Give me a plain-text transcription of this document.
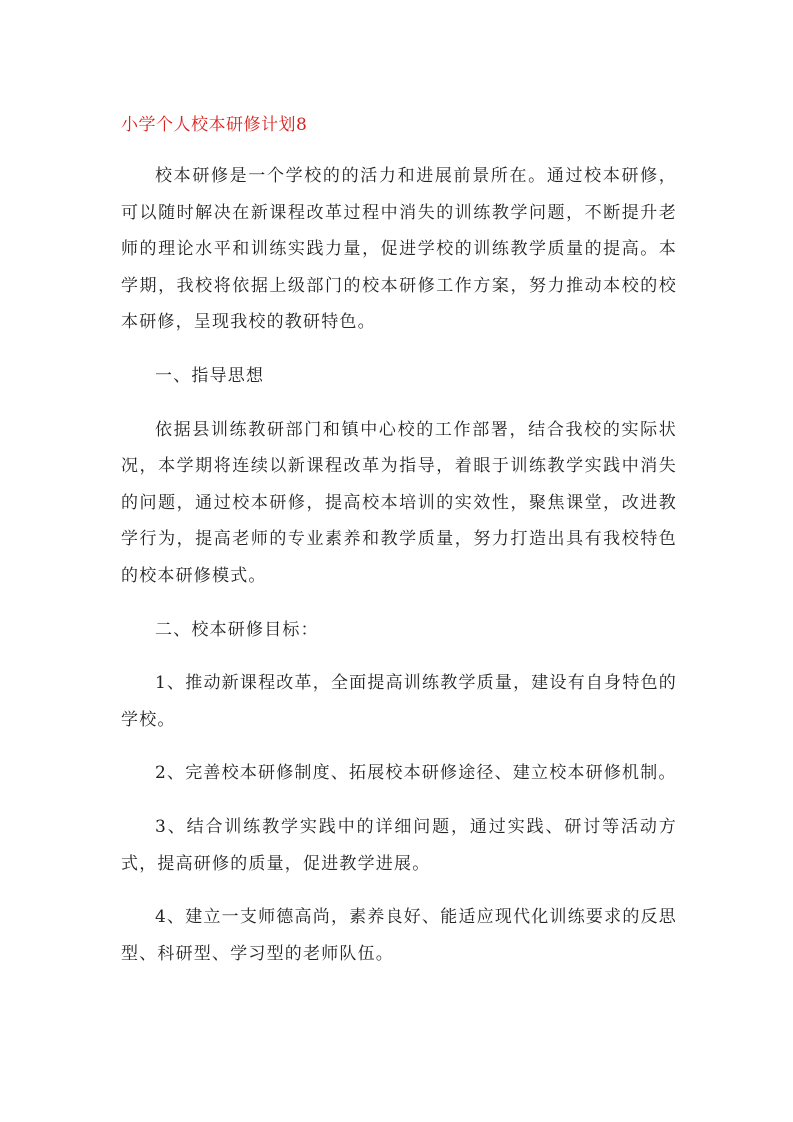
小学个人校本研修计划8

校本研修是一个学校的的活力和进展前景所在。通过校本研修，可以随时解决在新课程改革过程中消失的训练教学问题，不断提升老师的理论水平和训练实践力量，促进学校的训练教学质量的提高。本学期，我校将依据上级部门的校本研修工作方案，努力推动本校的校本研修，呈现我校的教研特色。

一、指导思想

依据县训练教研部门和镇中心校的工作部署，结合我校的实际状况，本学期将连续以新课程改革为指导，着眼于训练教学实践中消失的问题，通过校本研修，提高校本培训的实效性，聚焦课堂，改进教学行为，提高老师的专业素养和教学质量，努力打造出具有我校特色的校本研修模式。

二、校本研修目标：

1、推动新课程改革，全面提高训练教学质量，建设有自身特色的学校。

2、完善校本研修制度、拓展校本研修途径、建立校本研修机制。

3、结合训练教学实践中的详细问题，通过实践、研讨等活动方式，提高研修的质量，促进教学进展。

4、建立一支师德高尚，素养良好、能适应现代化训练要求的反思型、科研型、学习型的老师队伍。
